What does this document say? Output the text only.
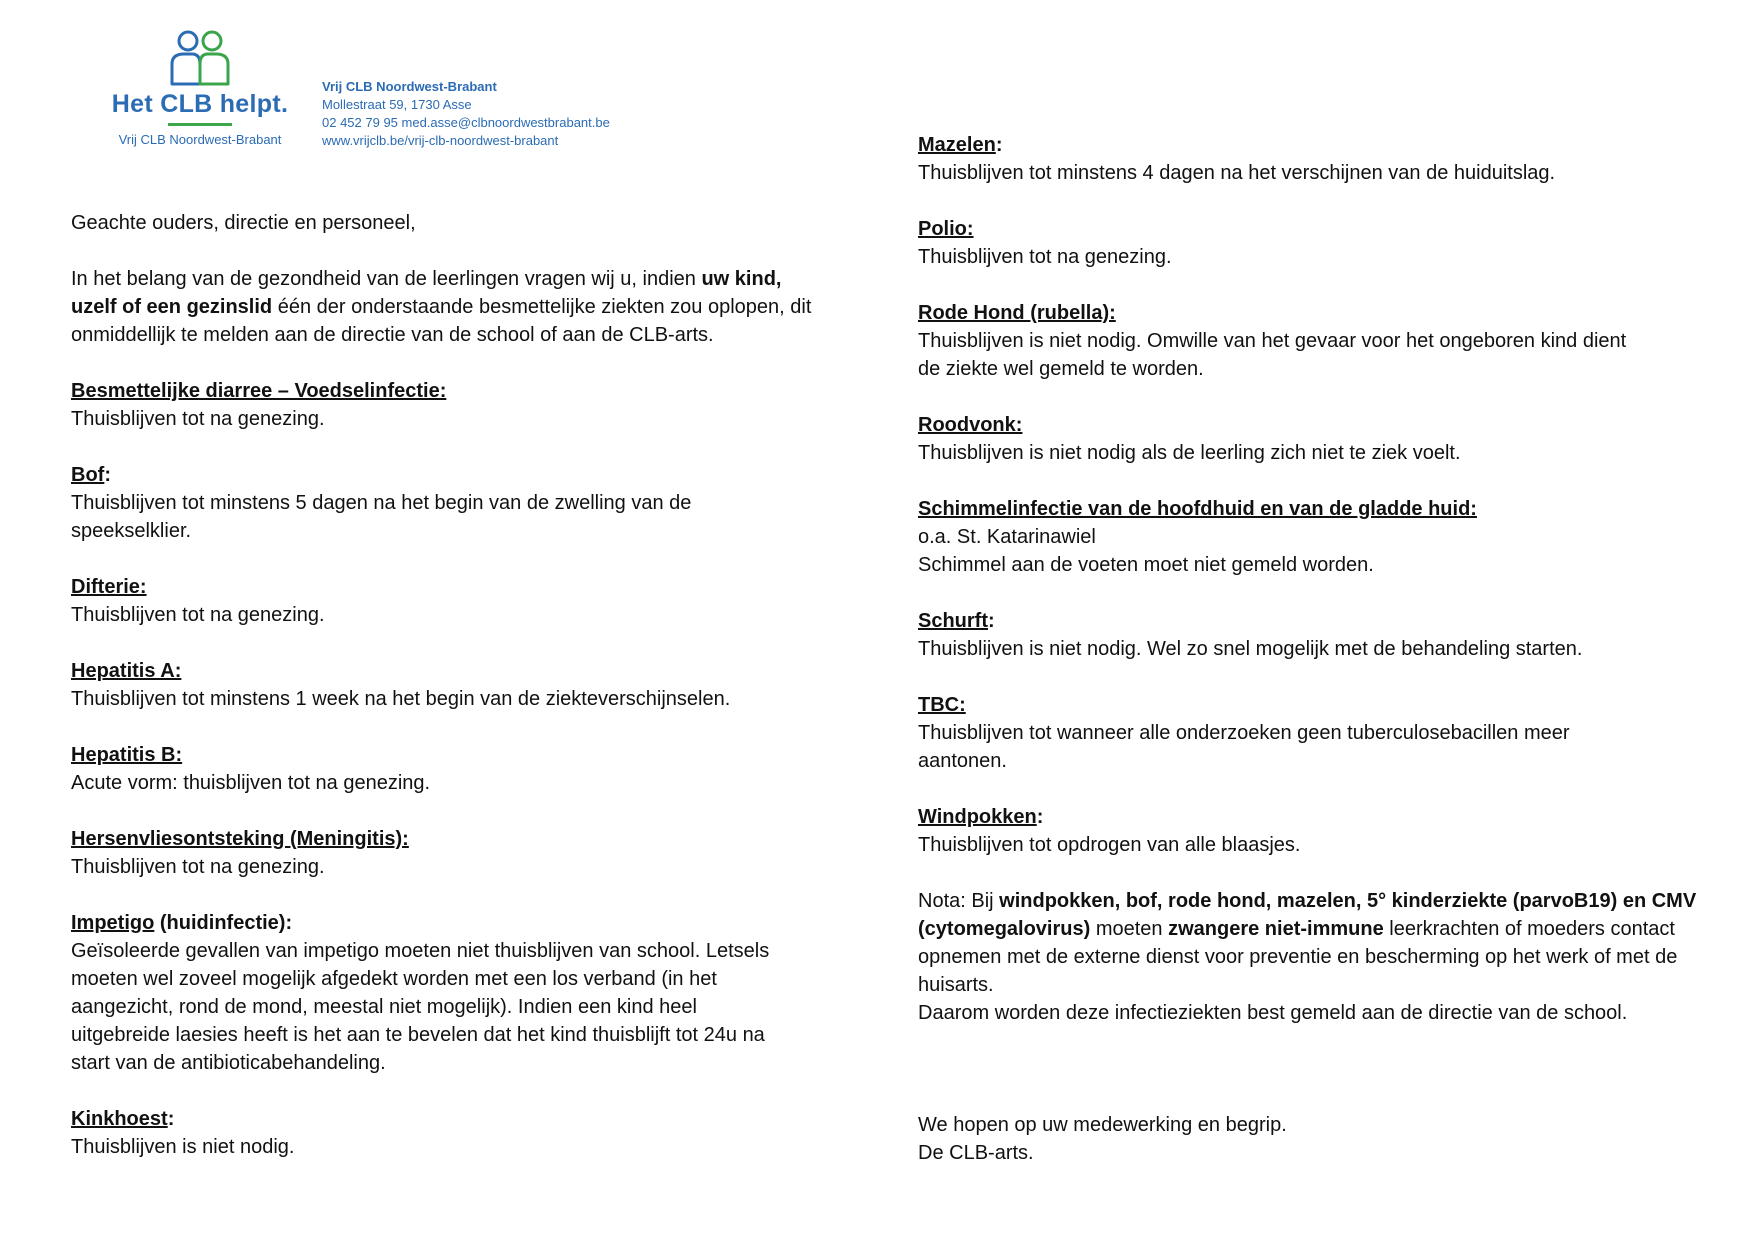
Het CLB helpt.
Vrij CLB Noordwest-Brabant
Vrij CLB Noordwest-Brabant
Mollestraat 59, 1730 Asse
02 452 79 95 med.asse@clbnoordwestbrabant.be
www.vrijclb.be/vrij-clb-noordwest-brabant

Geachte ouders, directie en personeel,

In het belang van de gezondheid van de leerlingen vragen wij u, indien uw kind, uzelf of een gezinslid één der onderstaande besmettelijke ziekten zou oplopen, dit onmiddellijk te melden aan de directie van de school of aan de CLB-arts.

Besmettelijke diarree – Voedselinfectie:
Thuisblijven tot na genezing.

Bof:
Thuisblijven tot minstens 5 dagen na het begin van de zwelling van de
speekselklier.

Difterie:
Thuisblijven tot na genezing.

Hepatitis A:
Thuisblijven tot minstens 1 week na het begin van de ziekteverschijnselen.

Hepatitis B:
Acute vorm: thuisblijven tot na genezing.

Hersenvliesontsteking (Meningitis):
Thuisblijven tot na genezing.

Impetigo (huidinfectie):
Geïsoleerde gevallen van impetigo moeten niet thuisblijven van school. Letsels
moeten wel zoveel mogelijk afgedekt worden met een los verband (in het
aangezicht, rond de mond, meestal niet mogelijk). Indien een kind heel
uitgebreide laesies heeft is het aan te bevelen dat het kind thuisblijft tot 24u na
start van de antibioticabehandeling.

Kinkhoest:
Thuisblijven is niet nodig.

Mazelen:
Thuisblijven tot minstens 4 dagen na het verschijnen van de huiduitslag.

Polio:
Thuisblijven tot na genezing.

Rode Hond (rubella):
Thuisblijven is niet nodig. Omwille van het gevaar voor het ongeboren kind dient
de ziekte wel gemeld te worden.

Roodvonk:
Thuisblijven is niet nodig als de leerling zich niet te ziek voelt.

Schimmelinfectie van de hoofdhuid en van de gladde huid:
o.a. St. Katarinawiel
Schimmel aan de voeten moet niet gemeld worden.

Schurft:
Thuisblijven is niet nodig. Wel zo snel mogelijk met de behandeling starten.

TBC:
Thuisblijven tot wanneer alle onderzoeken geen tuberculosebacillen meer
aantonen.

Windpokken:
Thuisblijven tot opdrogen van alle blaasjes.

Nota: Bij windpokken, bof, rode hond, mazelen, 5° kinderziekte (parvoB19) en CMV (cytomegalovirus) moeten zwangere niet-immune leerkrachten of moeders contact opnemen met de externe dienst voor preventie en bescherming op het werk of met de huisarts.
Daarom worden deze infectieziekten best gemeld aan de directie van de school.

We hopen op uw medewerking en begrip.
De CLB-arts.
